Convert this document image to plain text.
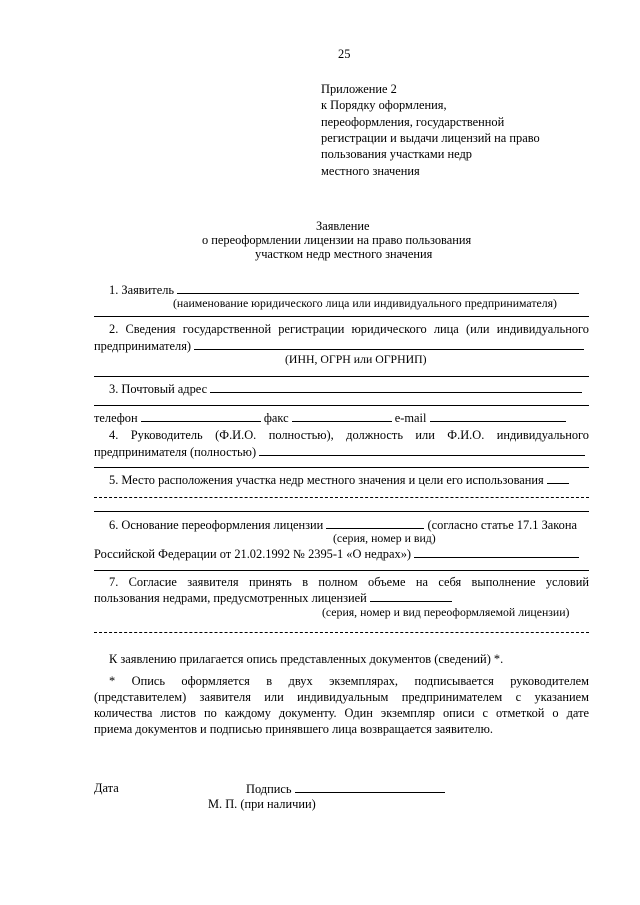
25
Приложение 2
к Порядку оформления,
переоформления, государственной
регистрации и выдачи лицензий на право
пользования участками недр
местного значения
Заявление
о переоформлении лицензии на право пользования
участком недр местного значения
1. Заявитель
(наименование юридического лица или индивидуального предпринимателя)
2. Сведения государственной регистрации юридического лица (или индивидуального
предпринимателя)
(ИНН, ОГРН или ОГРНИП)
3. Почтовый адрес
телефон	факс	e-mail
4. Руководитель (Ф.И.О. полностью), должность или Ф.И.О. индивидуального
предпринимателя (полностью)
5. Место расположения участка недр местного значения и цели его использования
6. Основание переоформления лицензии	(согласно статье 17.1 Закона
(серия, номер и вид)
Российской Федерации от 21.02.1992 № 2395-1 «О недрах»)
7. Согласие заявителя принять в полном объеме на себя выполнение условий
пользования недрами, предусмотренных лицензией
(серия, номер и вид переоформляемой лицензии)
К заявлению прилагается опись представленных документов (сведений) *.
* Опись оформляется в двух экземплярах, подписывается руководителем
(представителем) заявителя или индивидуальным предпринимателем с указанием
количества листов по каждому документу. Один экземпляр описи с отметкой о дате
приема документов и подписью принявшего лица возвращается заявителю.
Дата	Подпись
М. П. (при наличии)
